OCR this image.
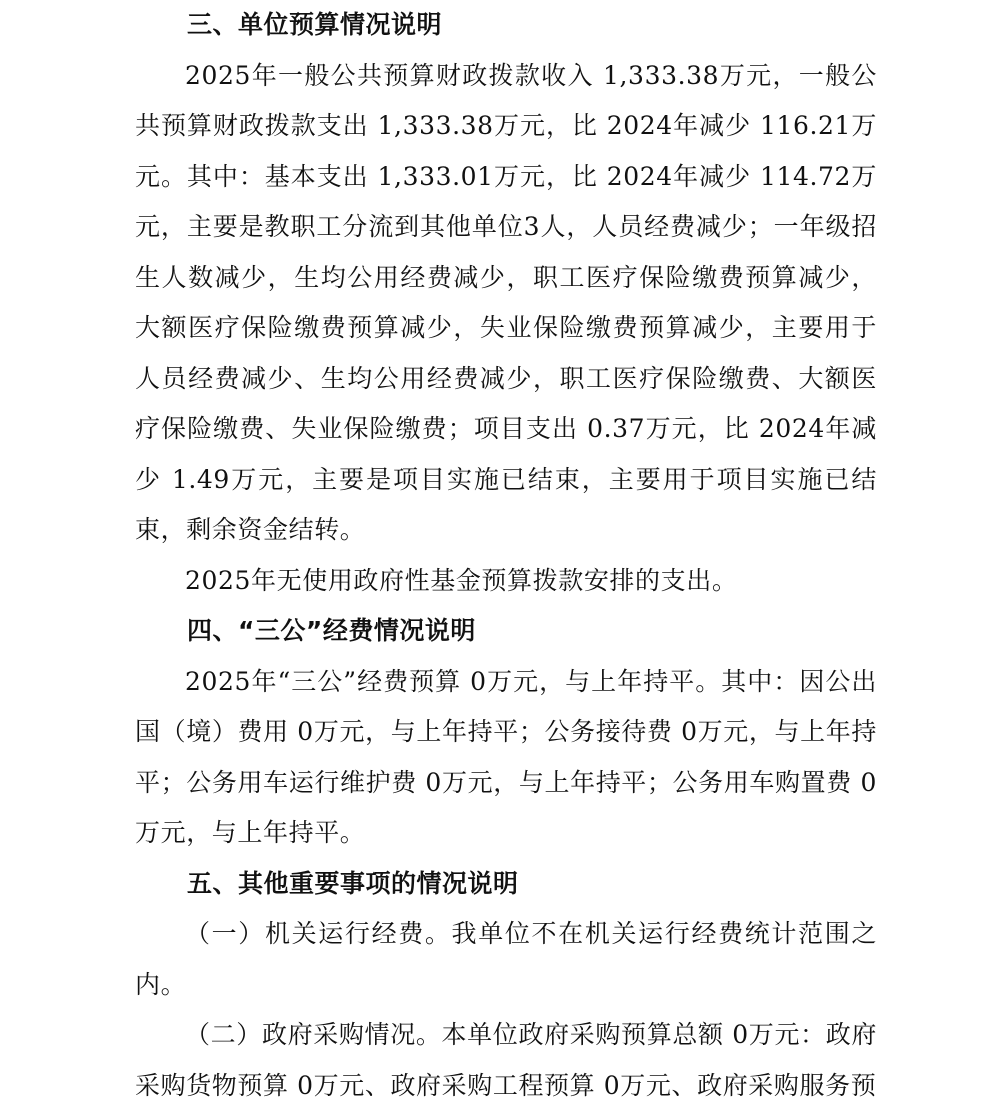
三、单位预算情况说明

2025年一般公共预算财政拨款收入 1,333.38万元，一般公共预算财政拨款支出 1,333.38万元，比 2024年减少 116.21万元。其中：基本支出 1,333.01万元，比 2024年减少 114.72万元，主要是教职工分流到其他单位3人，人员经费减少；一年级招生人数减少，生均公用经费减少，职工医疗保险缴费预算减少，大额医疗保险缴费预算减少，失业保险缴费预算减少，主要用于人员经费减少、生均公用经费减少，职工医疗保险缴费、大额医疗保险缴费、失业保险缴费；项目支出 0.37万元，比 2024年减少 1.49万元，主要是项目实施已结束，主要用于项目实施已结束，剩余资金结转。

2025年无使用政府性基金预算拨款安排的支出。

四、“三公”经费情况说明

2025年“三公”经费预算 0万元，与上年持平。其中：因公出国（境）费用 0万元，与上年持平；公务接待费 0万元，与上年持平；公务用车运行维护费 0万元，与上年持平；公务用车购置费 0万元，与上年持平。

五、其他重要事项的情况说明

（一）机关运行经费。我单位不在机关运行经费统计范围之内。

（二）政府采购情况。本单位政府采购预算总额 0万元：政府采购货物预算 0万元、政府采购工程预算 0万元、政府采购服务预
